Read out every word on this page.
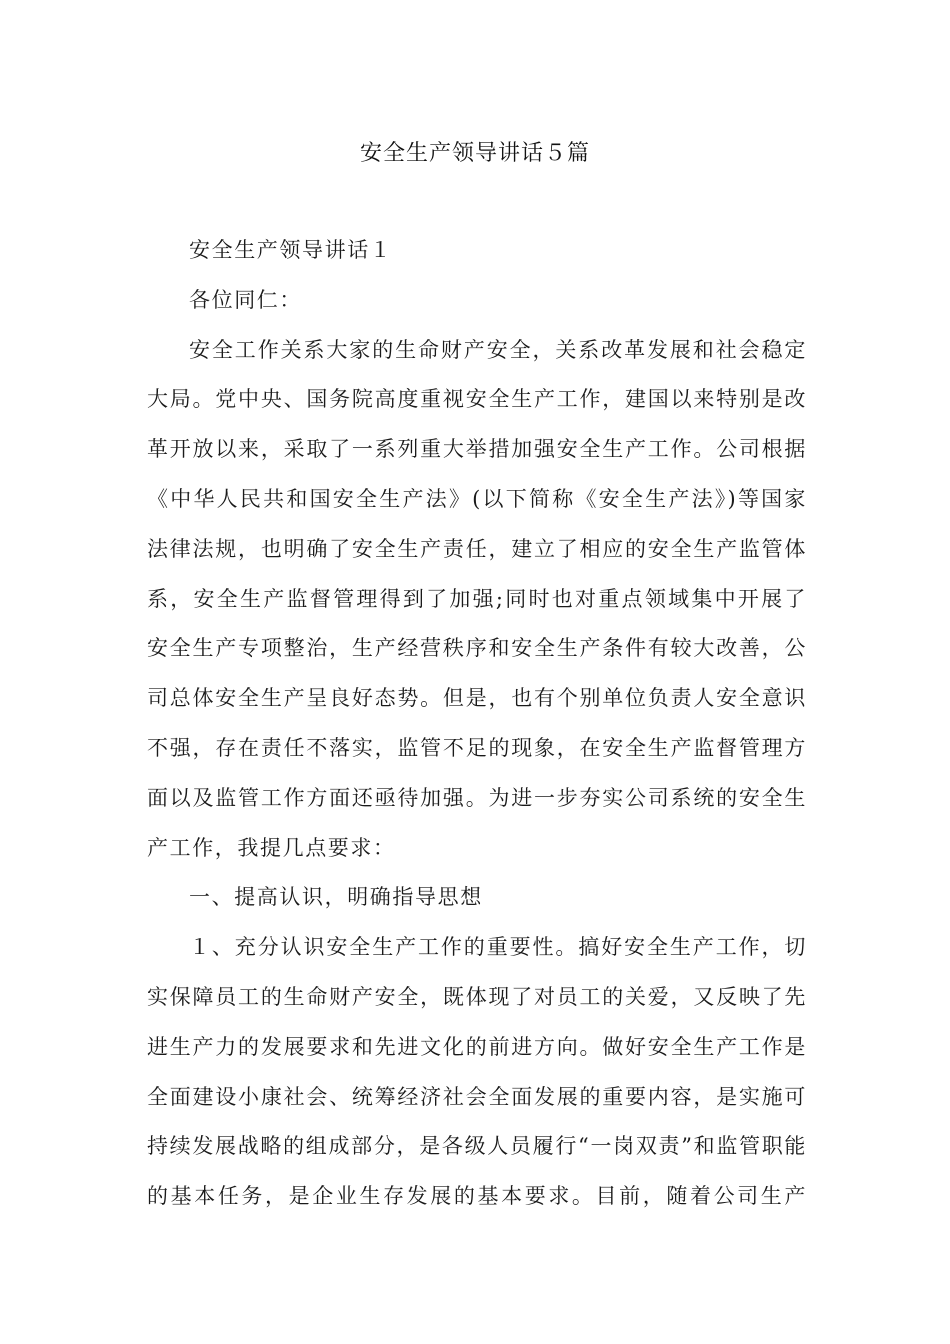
安全生产领导讲话５篇

安全生产领导讲话１

各位同仁：

安全工作关系大家的生命财产安全，关系改革发展和社会稳定大局。党中央、国务院高度重视安全生产工作，建国以来特别是改革开放以来，采取了一系列重大举措加强安全生产工作。公司根据《中华人民共和国安全生产法》(以下简称《安全生产法》)等国家法律法规，也明确了安全生产责任，建立了相应的安全生产监管体系，安全生产监督管理得到了加强;同时也对重点领域集中开展了安全生产专项整治，生产经营秩序和安全生产条件有较大改善，公司总体安全生产呈良好态势。但是，也有个别单位负责人安全意识不强，存在责任不落实，监管不足的现象，在安全生产监督管理方面以及监管工作方面还亟待加强。为进一步夯实公司系统的安全生产工作，我提几点要求：

一、提高认识，明确指导思想

１、充分认识安全生产工作的重要性。搞好安全生产工作，切实保障员工的生命财产安全，既体现了对员工的关爱，又反映了先进生产力的发展要求和先进文化的前进方向。做好安全生产工作是全面建设小康社会、统筹经济社会全面发展的重要内容，是实施可持续发展战略的组成部分，是各级人员履行“一岗双责”和监管职能的基本任务，是企业生存发展的基本要求。目前，随着公司生产
